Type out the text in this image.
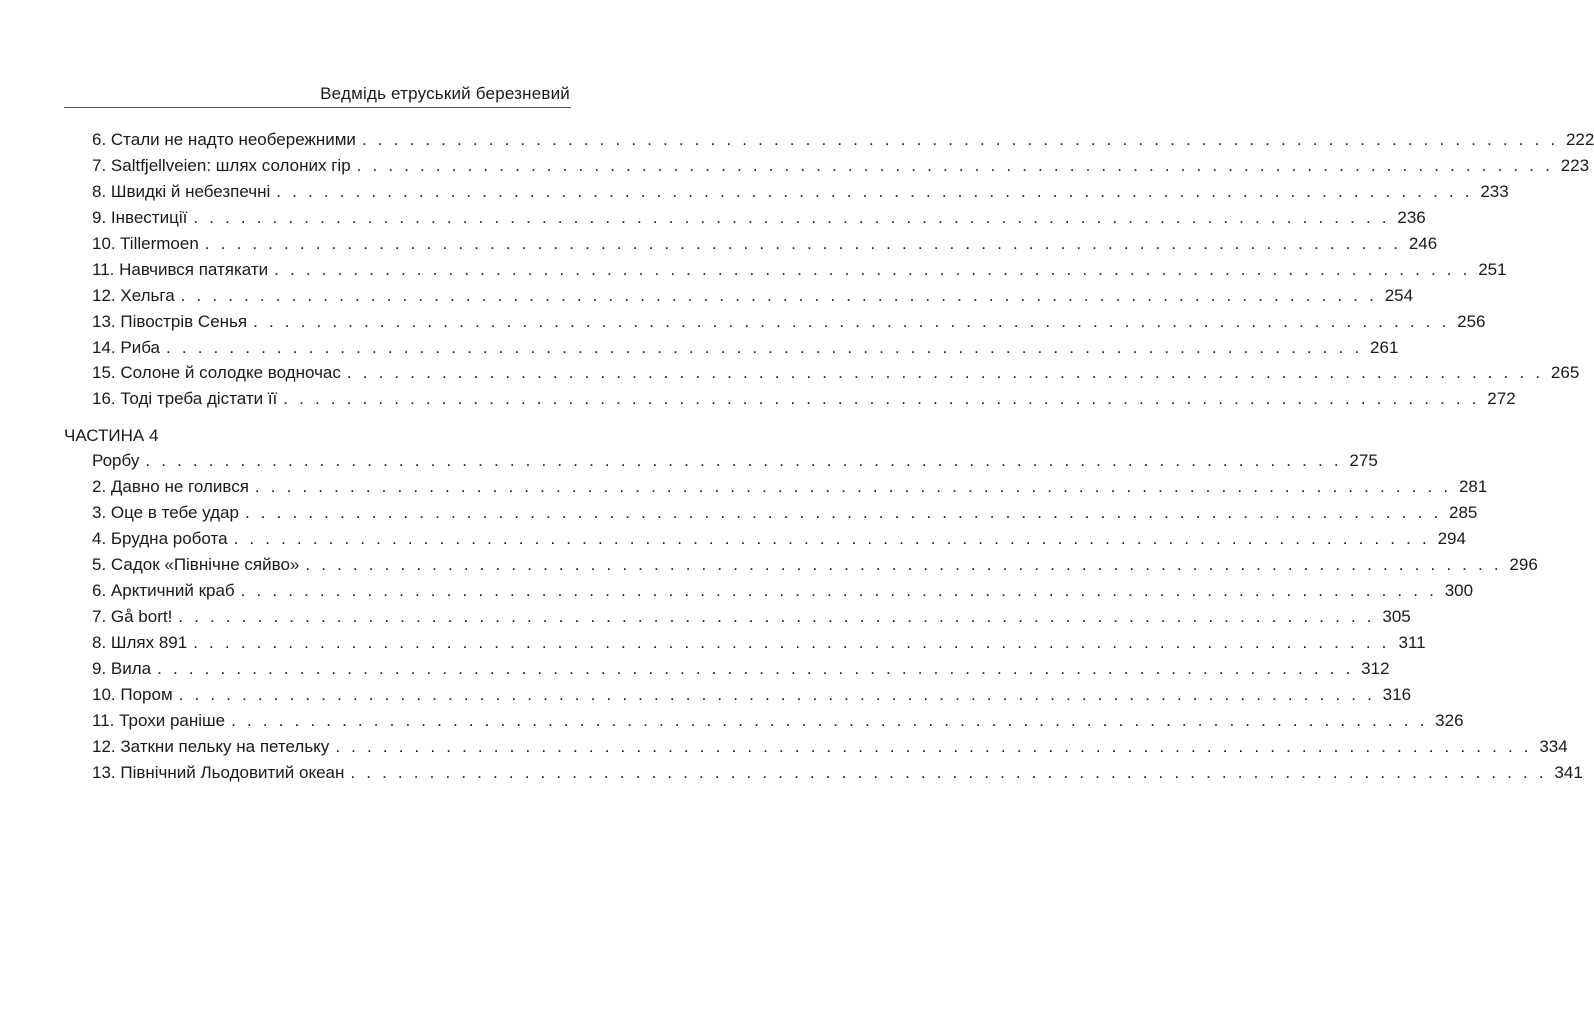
Ведмідь етруський березневий
6. Стали не надто необережними . . . . . . . . . . . . . . . . . . . . . . . . . . . . . . . . . . . . . . . . . . . . . . . . . . . . . . . . . . . . . . . . . . . . . . . . . . . . 222
7. Saltfjellveien: шлях солоних гір . . . . . . . . . . . . . . . . . . . . . . . . . . . . . . . . . . . . . . . . . . . . . . . . . . . . . . . . . . . . . . . . . . . . . . . . . . . . 223
8. Швидкі й небезпечні . . . . . . . . . . . . . . . . . . . . . . . . . . . . . . . . . . . . . . . . . . . . . . . . . . . . . . . . . . . . . . . . . . . . . . . . . . . . 233
9. Інвестиції . . . . . . . . . . . . . . . . . . . . . . . . . . . . . . . . . . . . . . . . . . . . . . . . . . . . . . . . . . . . . . . . . . . . . . . . . . . . 236
10. Tillermoen . . . . . . . . . . . . . . . . . . . . . . . . . . . . . . . . . . . . . . . . . . . . . . . . . . . . . . . . . . . . . . . . . . . . . . . . . . . . 246
11. Навчився патякати . . . . . . . . . . . . . . . . . . . . . . . . . . . . . . . . . . . . . . . . . . . . . . . . . . . . . . . . . . . . . . . . . . . . . . . . . . . . 251
12. Хельга . . . . . . . . . . . . . . . . . . . . . . . . . . . . . . . . . . . . . . . . . . . . . . . . . . . . . . . . . . . . . . . . . . . . . . . . . . . . 254
13. Півострів Сенья . . . . . . . . . . . . . . . . . . . . . . . . . . . . . . . . . . . . . . . . . . . . . . . . . . . . . . . . . . . . . . . . . . . . . . . . . . . . 256
14. Риба . . . . . . . . . . . . . . . . . . . . . . . . . . . . . . . . . . . . . . . . . . . . . . . . . . . . . . . . . . . . . . . . . . . . . . . . . . . . 261
15. Солоне й солодке водночас . . . . . . . . . . . . . . . . . . . . . . . . . . . . . . . . . . . . . . . . . . . . . . . . . . . . . . . . . . . . . . . . . . . . . . . . . . . . 265
16. Тоді треба дістати її . . . . . . . . . . . . . . . . . . . . . . . . . . . . . . . . . . . . . . . . . . . . . . . . . . . . . . . . . . . . . . . . . . . . . . . . . . . . 272
ЧАСТИНА 4
Рорбу . . . . . . . . . . . . . . . . . . . . . . . . . . . . . . . . . . . . . . . . . . . . . . . . . . . . . . . . . . . . . . . . . . . . . . . . . . . . 275
2. Давно не голився . . . . . . . . . . . . . . . . . . . . . . . . . . . . . . . . . . . . . . . . . . . . . . . . . . . . . . . . . . . . . . . . . . . . . . . . . . . . 281
3. Оце в тебе удар . . . . . . . . . . . . . . . . . . . . . . . . . . . . . . . . . . . . . . . . . . . . . . . . . . . . . . . . . . . . . . . . . . . . . . . . . . . . 285
4. Брудна робота . . . . . . . . . . . . . . . . . . . . . . . . . . . . . . . . . . . . . . . . . . . . . . . . . . . . . . . . . . . . . . . . . . . . . . . . . . . . 294
5. Садок «Північне сяйво» . . . . . . . . . . . . . . . . . . . . . . . . . . . . . . . . . . . . . . . . . . . . . . . . . . . . . . . . . . . . . . . . . . . . . . . . . . . . 296
6. Арктичний краб . . . . . . . . . . . . . . . . . . . . . . . . . . . . . . . . . . . . . . . . . . . . . . . . . . . . . . . . . . . . . . . . . . . . . . . . . . . . 300
7. Gå bort! . . . . . . . . . . . . . . . . . . . . . . . . . . . . . . . . . . . . . . . . . . . . . . . . . . . . . . . . . . . . . . . . . . . . . . . . . . . . 305
8. Шлях 891 . . . . . . . . . . . . . . . . . . . . . . . . . . . . . . . . . . . . . . . . . . . . . . . . . . . . . . . . . . . . . . . . . . . . . . . . . . . . 311
9. Вила . . . . . . . . . . . . . . . . . . . . . . . . . . . . . . . . . . . . . . . . . . . . . . . . . . . . . . . . . . . . . . . . . . . . . . . . . . . . 312
10. Пором . . . . . . . . . . . . . . . . . . . . . . . . . . . . . . . . . . . . . . . . . . . . . . . . . . . . . . . . . . . . . . . . . . . . . . . . . . . . 316
11. Трохи раніше . . . . . . . . . . . . . . . . . . . . . . . . . . . . . . . . . . . . . . . . . . . . . . . . . . . . . . . . . . . . . . . . . . . . . . . . . . . . 326
12. Заткни пельку на петельку . . . . . . . . . . . . . . . . . . . . . . . . . . . . . . . . . . . . . . . . . . . . . . . . . . . . . . . . . . . . . . . . . . . . . . . . . . . . 334
13. Північний Льодовитий океан . . . . . . . . . . . . . . . . . . . . . . . . . . . . . . . . . . . . . . . . . . . . . . . . . . . . . . . . . . . . . . . . . . . . . . . . . . . . 341
